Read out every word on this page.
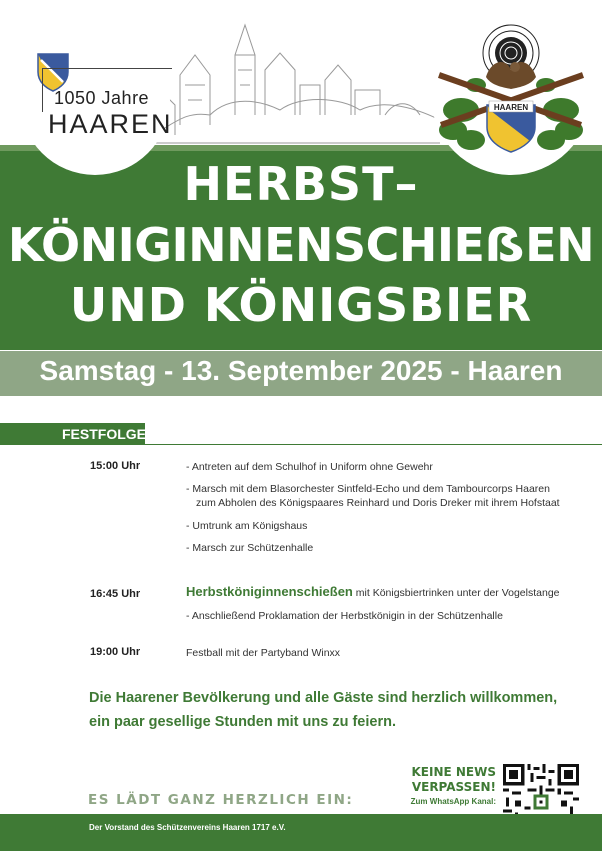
1050 Jahre
HAAREN
HAAREN
HERBST–
KÖNIGINNENSCHIEẞEN
UND KÖNIGSBIER
Samstag - 13. September 2025 - Haaren
FESTFOLGE
15:00 Uhr	- Antreten auf dem Schulhof in Uniform ohne Gewehr
- Marsch mit dem Blasorchester Sintfeld-Echo und dem Tambourcorps Haaren
zum Abholen des Königspaares Reinhard und Doris Dreker mit ihrem Hofstaat
- Umtrunk am Königshaus
- Marsch zur Schützenhalle
16:45 Uhr	Herbstköniginnenschießen mit Königsbiertrinken unter der Vogelstange
- Anschließend Proklamation der Herbstkönigin in der Schützenhalle
19:00 Uhr	Festball mit der Partyband Winxx
Die Haarener Bevölkerung und alle Gäste sind herzlich willkommen,
ein paar gesellige Stunden mit uns zu feiern.
ES LÄDT GANZ HERZLICH EIN:
KEINE NEWS
VERPASSEN!
Zum WhatsApp Kanal:
Der Vorstand des Schützenvereins Haaren 1717 e.V.
